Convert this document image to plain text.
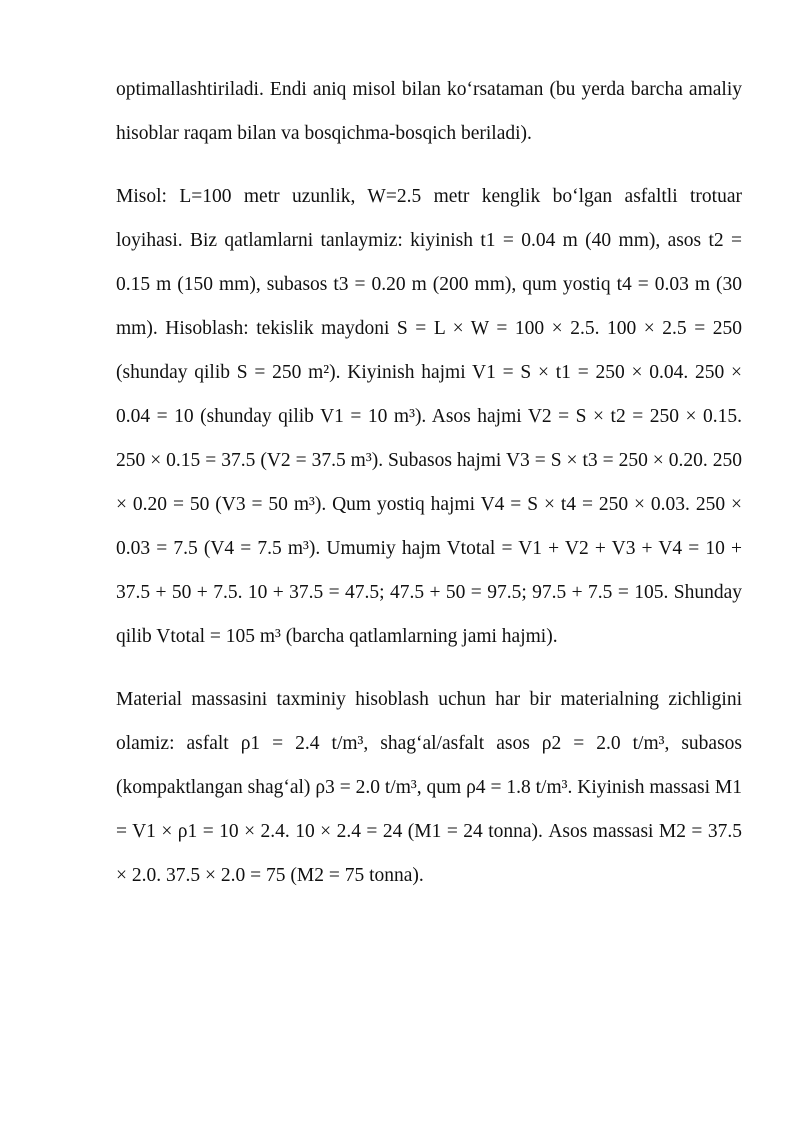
optimallashtiriladi. Endi aniq misol bilan ko‘rsataman (bu yerda barcha amaliy hisoblar raqam bilan va bosqichma-bosqich beriladi).

Misol: L=100 metr uzunlik, W=2.5 metr kenglik bo‘lgan asfaltli trotuar loyihasi. Biz qatlamlarni tanlaymiz: kiyinish t1 = 0.04 m (40 mm), asos t2 = 0.15 m (150 mm), subasos t3 = 0.20 m (200 mm), qum yostiq t4 = 0.03 m (30 mm). Hisoblash: tekislik maydoni S = L × W = 100 × 2.5. 100 × 2.5 = 250 (shunday qilib S = 250 m²). Kiyinish hajmi V1 = S × t1 = 250 × 0.04. 250 × 0.04 = 10 (shunday qilib V1 = 10 m³). Asos hajmi V2 = S × t2 = 250 × 0.15. 250 × 0.15 = 37.5 (V2 = 37.5 m³). Subasos hajmi V3 = S × t3 = 250 × 0.20. 250 × 0.20 = 50 (V3 = 50 m³). Qum yostiq hajmi V4 = S × t4 = 250 × 0.03. 250 × 0.03 = 7.5 (V4 = 7.5 m³). Umumiy hajm Vtotal = V1 + V2 + V3 + V4 = 10 + 37.5 + 50 + 7.5. 10 + 37.5 = 47.5; 47.5 + 50 = 97.5; 97.5 + 7.5 = 105. Shunday qilib Vtotal = 105 m³ (barcha qatlamlarning jami hajmi).

Material massasini taxminiy hisoblash uchun har bir materialning zichligini olamiz: asfalt ρ1 = 2.4 t/m³, shag‘al/asfalt asos ρ2 = 2.0 t/m³, subasos (kompaktlangan shag‘al) ρ3 = 2.0 t/m³, qum ρ4 = 1.8 t/m³. Kiyinish massasi M1 = V1 × ρ1 = 10 × 2.4. 10 × 2.4 = 24 (M1 = 24 tonna). Asos massasi M2 = 37.5 × 2.0. 37.5 × 2.0 = 75 (M2 = 75 tonna).
